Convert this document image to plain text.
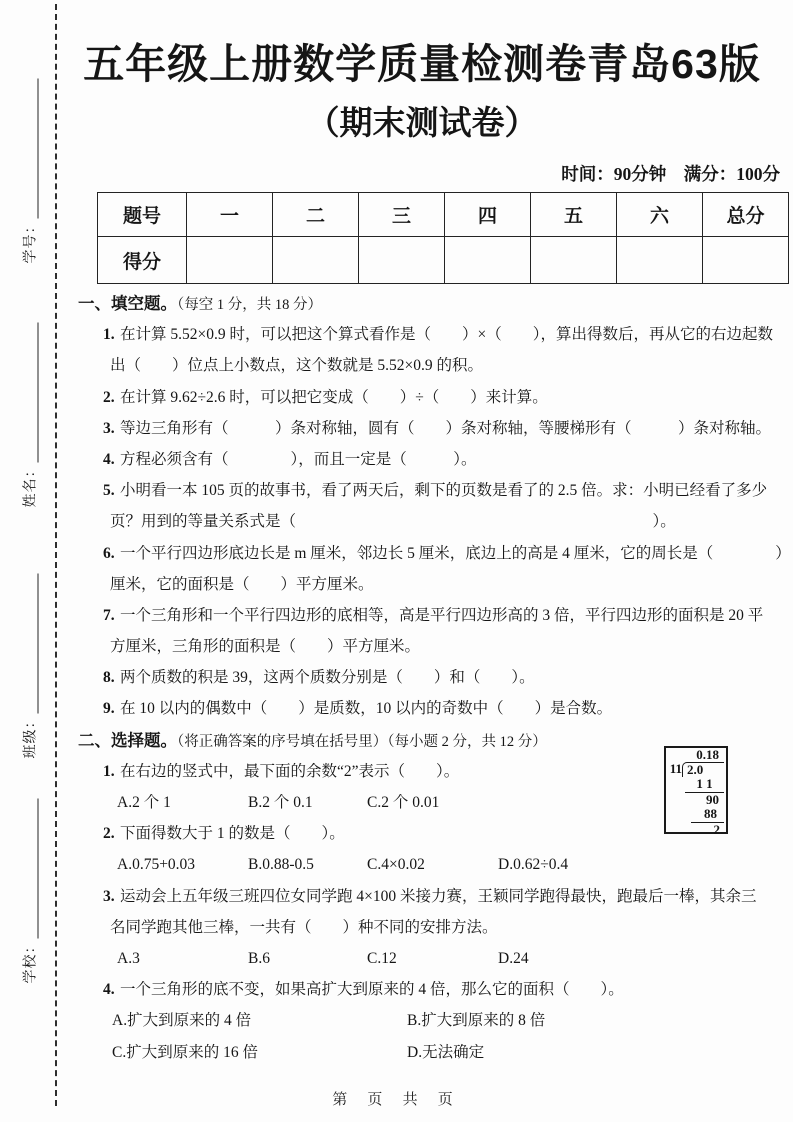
学号：
姓名：
班级：
学校：
五年级上册数学质量检测卷青岛63版
（期末测试卷）
时间：90分钟　满分：100分
题号	一	二	三	四	五	六	总分
得分							
一、填空题。（每空 1 分，共 18 分）
1. 在计算 5.52×0.9 时，可以把这个算式看作是（　　）×（　　），算出得数后，再从它的右边起数
出（　　）位点上小数点，这个数就是 5.52×0.9 的积。
2. 在计算 9.62÷2.6 时，可以把它变成（　　）÷（　　）来计算。
3. 等边三角形有（　　　）条对称轴，圆有（　　）条对称轴，等腰梯形有（　　　）条对称轴。
4. 方程必须含有（　　　　），而且一定是（　　　）。
5. 小明看一本 105 页的故事书，看了两天后，剩下的页数是看了的 2.5 倍。求：小明已经看了多少
页？用到的等量关系式是（　　　　　　　　　　　　　　　　　　　　　　　）。
6. 一个平行四边形底边长是 m 厘米，邻边长 5 厘米，底边上的高是 4 厘米，它的周长是（　　　　）
厘米，它的面积是（　　）平方厘米。
7. 一个三角形和一个平行四边形的底相等，高是平行四边形高的 3 倍，平行四边形的面积是 20 平
方厘米，三角形的面积是（　　）平方厘米。
8. 两个质数的积是 39，这两个质数分别是（　　）和（　　）。
9. 在 10 以内的偶数中（　　）是质数，10 以内的奇数中（　　）是合数。
二、选择题。（将正确答案的序号填在括号里）（每小题 2 分，共 12 分）
1. 在右边的竖式中，最下面的余数“2”表示（　　）。
A.2 个 1	B.2 个 0.1	C.2 个 0.01
2. 下面得数大于 1 的数是（　　）。
A.0.75+0.03	B.0.88-0.5	C.4×0.02	D.0.62÷0.4
3. 运动会上五年级三班四位女同学跑 4×100 米接力赛，王颖同学跑得最快，跑最后一棒，其余三
名同学跑其他三棒，一共有（　　）种不同的安排方法。
A.3	B.6	C.12	D.24
4. 一个三角形的底不变，如果高扩大到原来的 4 倍，那么它的面积（　　）。
A.扩大到原来的 4 倍	B.扩大到原来的 8 倍
C.扩大到原来的 16 倍	D.无法确定
0.18
11 2.0
1 1
90
88
2
第 页 共 页
